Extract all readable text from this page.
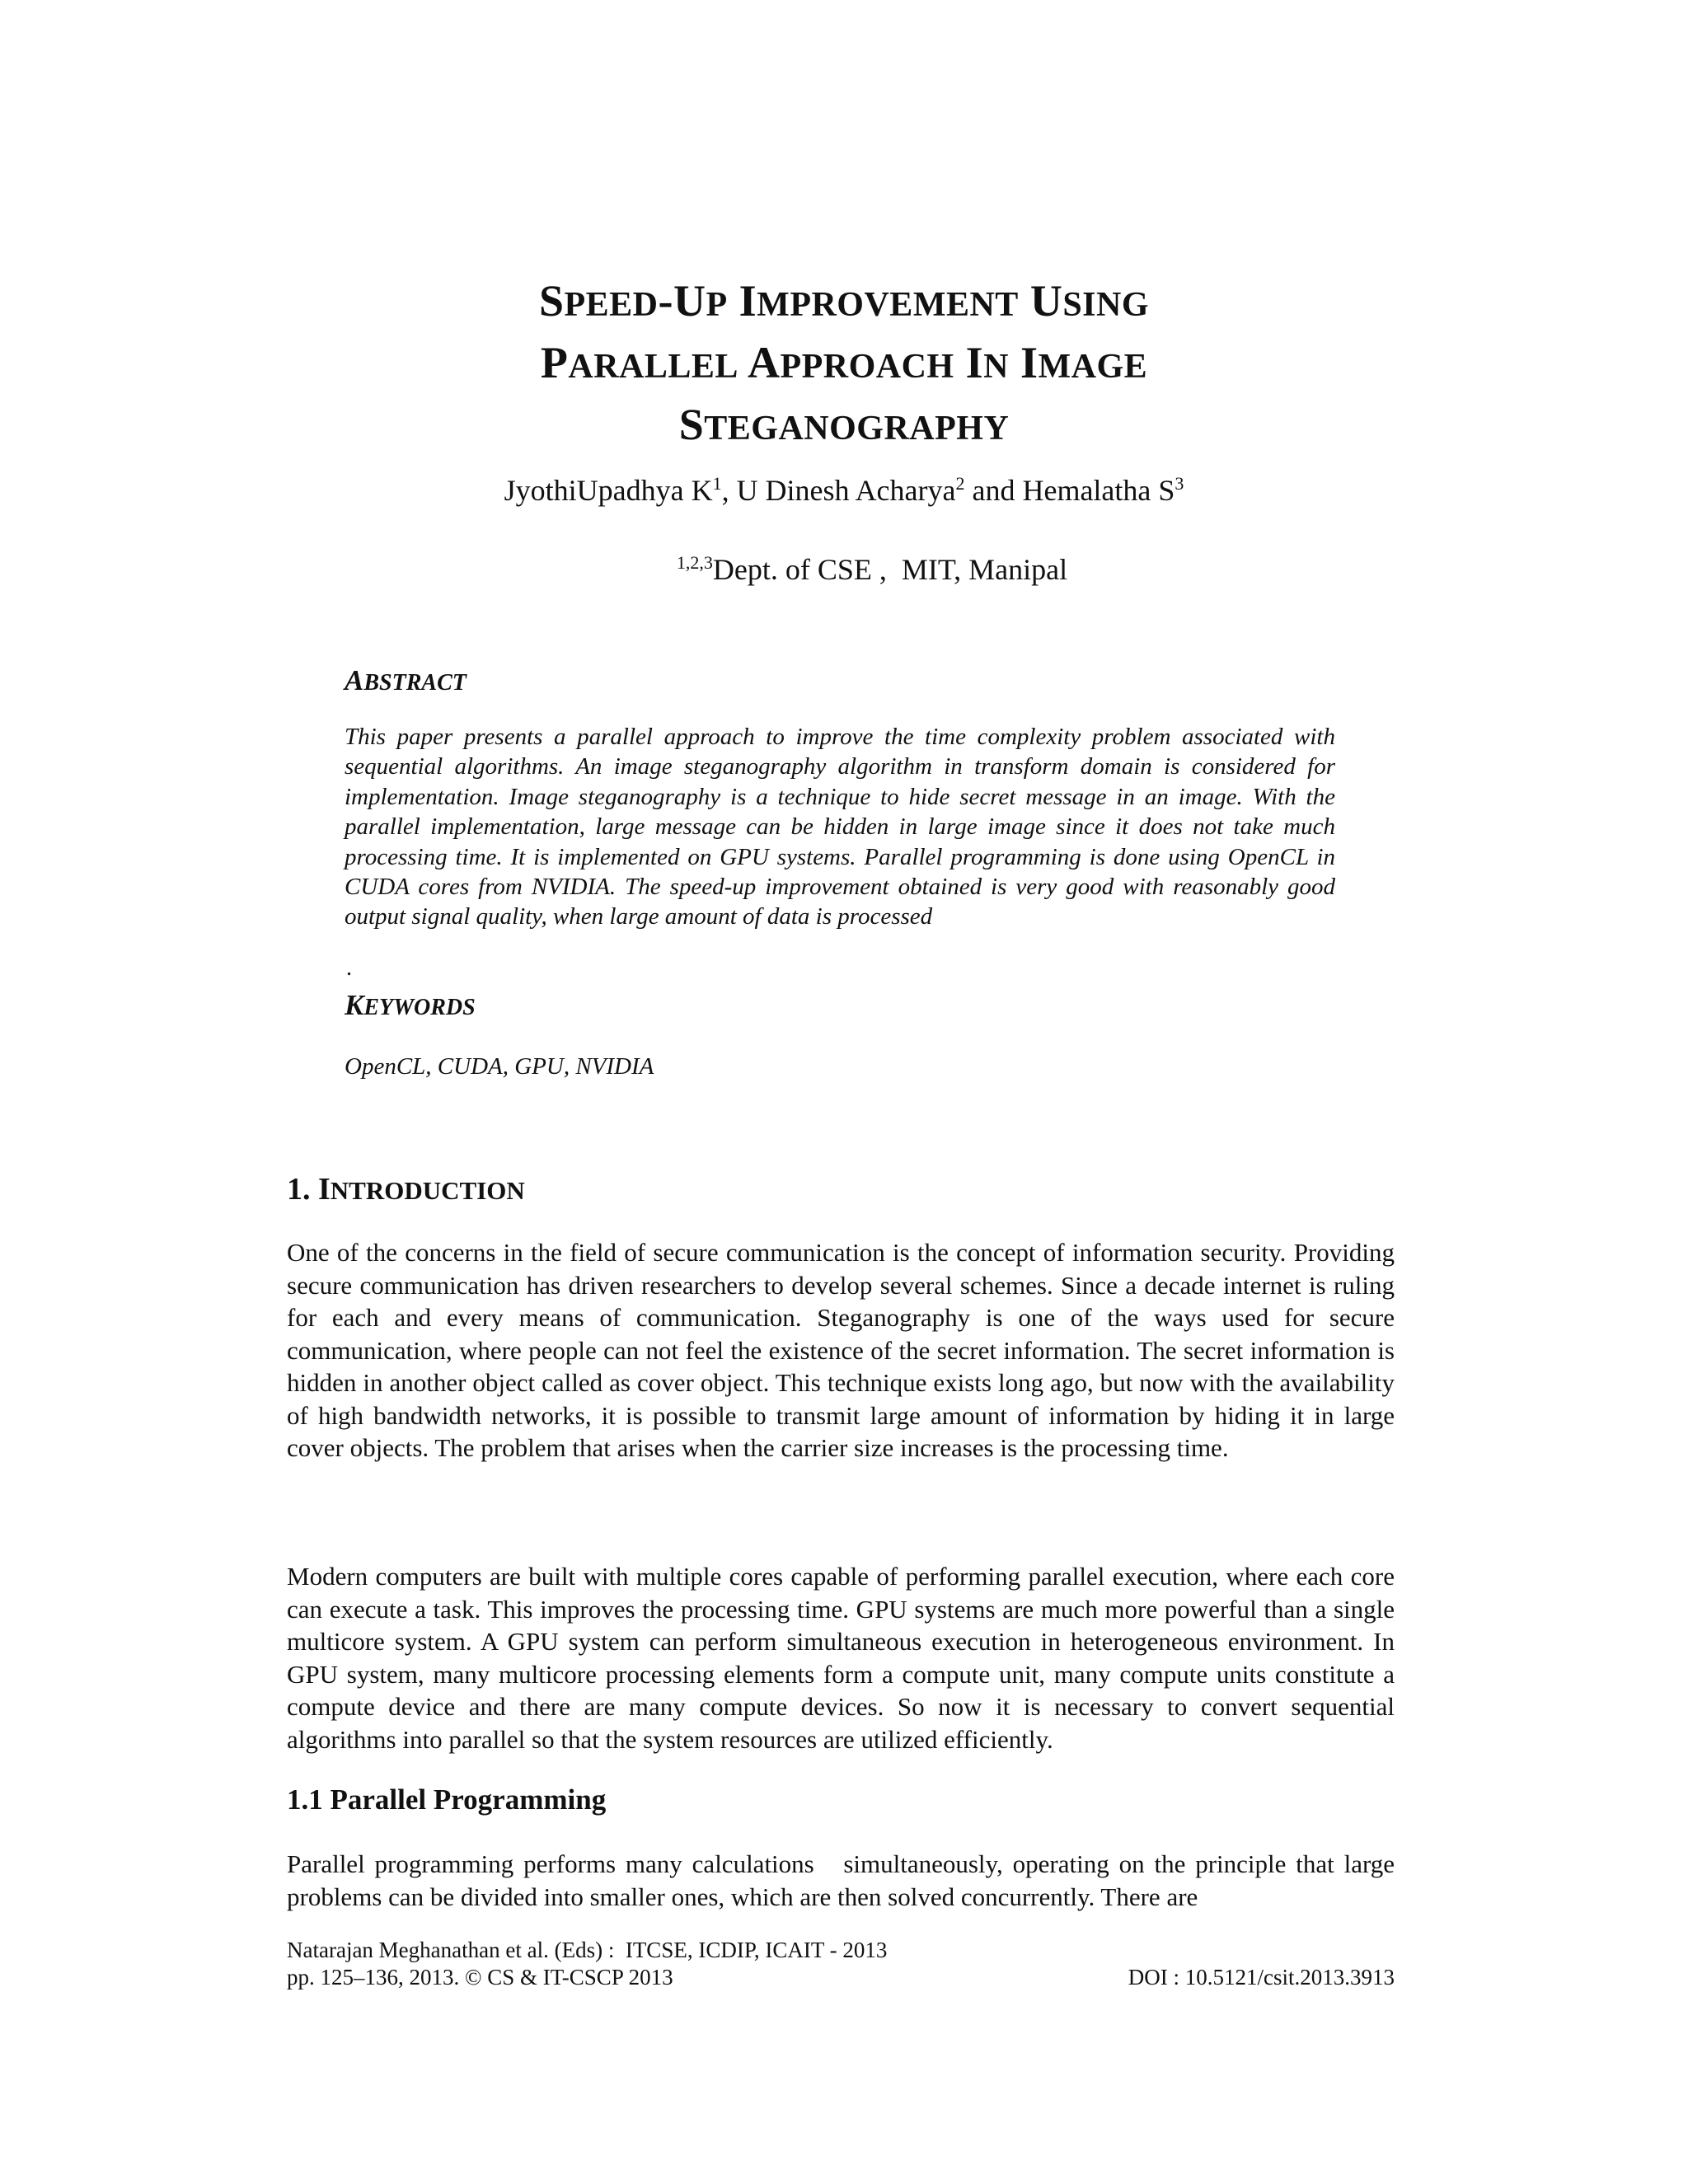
SPEED-UP IMPROVEMENT USING
PARALLEL APPROACH IN IMAGE
STEGANOGRAPHY
JyothiUpadhya $K^1$, U Dinesh Acharya$^2$ and Hemalatha $S^3$
$^{1,2,3}$Dept. of CSE ,  MIT, Manipal
ABSTRACT
This paper presents a parallel approach to improve the time complexity problem associated with sequential algorithms. An image steganography algorithm in transform domain is considered for implementation. Image steganography is a technique to hide secret message in an image. With the parallel implementation, large message can be hidden in large image since it does not take much processing time. It is implemented on GPU systems. Parallel programming is done using OpenCL in CUDA cores from NVIDIA. The speed-up improvement obtained is very good with reasonably good output signal quality, when large amount of data is processed
.
KEYWORDS
OpenCL, CUDA, GPU, NVIDIA
1. INTRODUCTION
One of the concerns in the field of secure communication is the concept of information security. Providing secure communication has driven researchers to develop several schemes. Since a decade internet is ruling for each and every means of communication. Steganography is one of the ways used for secure communication, where people can not feel the existence of the secret information. The secret information is hidden in another object called as cover object. This technique exists long ago, but now with the availability of high bandwidth networks, it is possible to transmit large amount of information by hiding it in large cover objects. The problem that arises when the carrier size increases is the processing time.
Modern computers are built with multiple cores capable of performing parallel execution, where each core can execute a task. This improves the processing time. GPU systems are much more powerful than a single multicore system. A GPU system can perform simultaneous execution in heterogeneous environment. In GPU system, many multicore processing elements form a compute unit, many compute units constitute a compute device and there are many compute devices. So now it is necessary to convert sequential algorithms into parallel so that the system resources are utilized efficiently.
1.1 Parallel Programming
Parallel programming performs many calculations   simultaneously, operating on the principle that large problems can be divided into smaller ones, which are then solved concurrently. There are
Natarajan Meghanathan et al. (Eds) :  ITCSE, ICDIP, ICAIT - 2013
pp. 125–136, 2013. © CS & IT-CSCP 2013	DOI : 10.5121/csit.2013.3913
